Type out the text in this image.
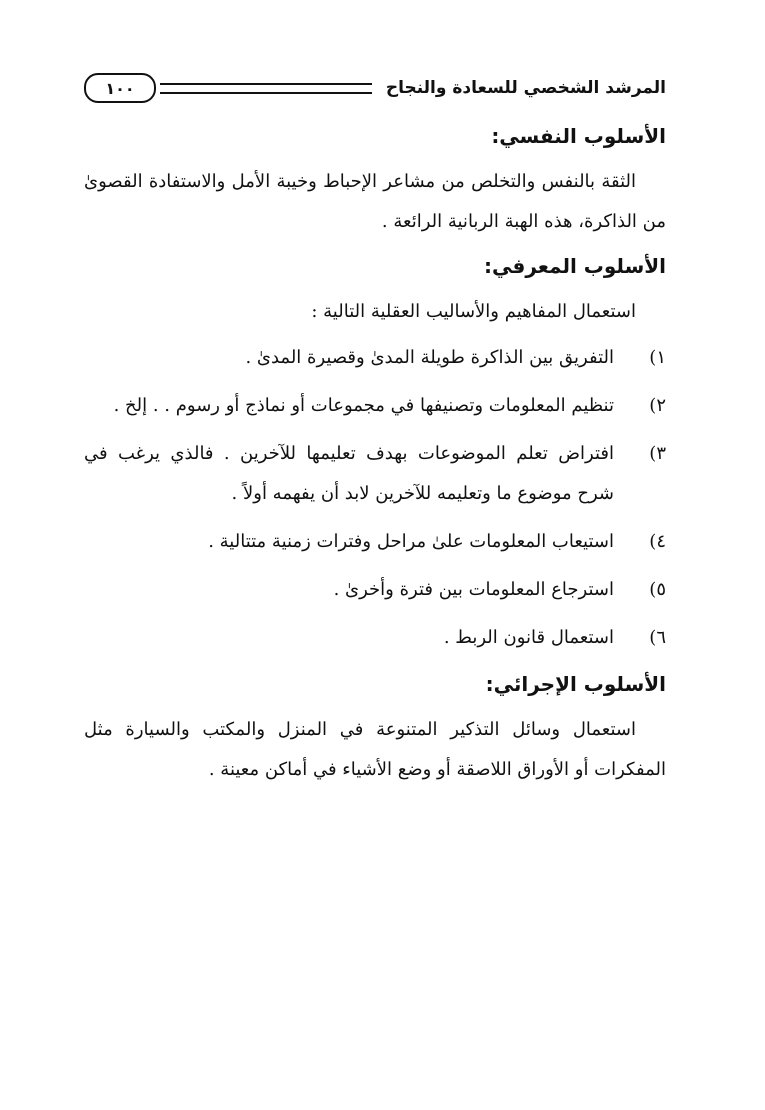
المرشد الشخصي للسعادة والنجاح
١٠٠
الأسلوب النفسي:

الثقة بالنفس والتخلص من مشاعر الإحباط وخيبة الأمل والاستفادة القصوىٰ من الذاكرة، هذه الهبة الربانية الرائعة .

الأسلوب المعرفي:

استعمال المفاهيم والأساليب العقلية التالية :

١)
التفريق بين الذاكرة طويلة المدىٰ وقصيرة المدىٰ .
٢)
تنظيم المعلومات وتصنيفها في مجموعات أو نماذج أو رسوم . . إلخ .
٣)
افتراض تعلم الموضوعات بهدف تعليمها للآخرين . فالذي يرغب في شرح موضوع ما وتعليمه للآخرين لابد أن يفهمه أولاً .
٤)
استيعاب المعلومات علىٰ مراحل وفترات زمنية متتالية .
٥)
استرجاع المعلومات بين فترة وأخرىٰ .
٦)
استعمال قانون الربط .
الأسلوب الإجرائي:

استعمال وسائل التذكير المتنوعة في المنزل والمكتب والسيارة مثل المفكرات أو الأوراق اللاصقة أو وضع الأشياء في أماكن معينة .
